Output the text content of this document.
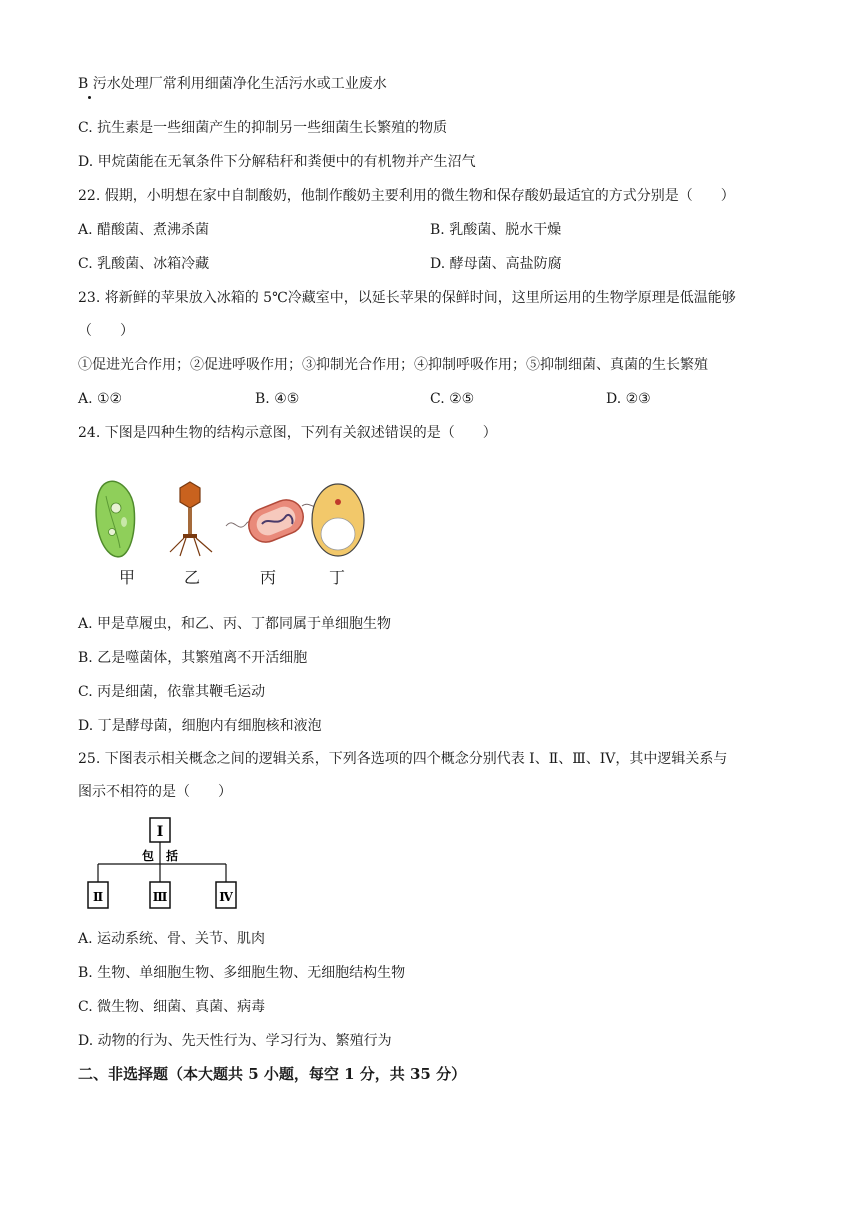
B 污水处理厂常利用细菌净化生活污水或工业废水
C. 抗生素是一些细菌产生的抑制另一些细菌生长繁殖的物质
D. 甲烷菌能在无氧条件下分解秸秆和粪便中的有机物并产生沼气
22. 假期，小明想在家中自制酸奶，他制作酸奶主要利用的微生物和保存酸奶最适宜的方式分别是（　　）
A. 醋酸菌、煮沸杀菌	B. 乳酸菌、脱水干燥
C. 乳酸菌、冰箱冷藏	D. 酵母菌、高盐防腐
23. 将新鲜的苹果放入冰箱的 5℃冷藏室中，以延长苹果的保鲜时间，这里所运用的生物学原理是低温能够
（　　）
①促进光合作用；②促进呼吸作用；③抑制光合作用；④抑制呼吸作用；⑤抑制细菌、真菌的生长繁殖
A. ①②	B. ④⑤	C. ②⑤	D. ②③
24. 下图是四种生物的结构示意图，下列有关叙述错误的是（　　）
甲	乙	丙	丁
A. 甲是草履虫，和乙、丙、丁都同属于单细胞生物
B. 乙是噬菌体，其繁殖离不开活细胞
C. 丙是细菌，依靠其鞭毛运动
D. 丁是酵母菌，细胞内有细胞核和液泡
25. 下图表示相关概念之间的逻辑关系，下列各选项的四个概念分别代表 I、Ⅱ、Ⅲ、IV，其中逻辑关系与
图示不相符的是（　　）
I
包 括
Ⅱ	Ⅲ	Ⅳ
A. 运动系统、骨、关节、肌肉
B. 生物、单细胞生物、多细胞生物、无细胞结构生物
C. 微生物、细菌、真菌、病毒
D. 动物的行为、先天性行为、学习行为、繁殖行为
二、非选择题（本大题共 5 小题，每空 1 分，共 35 分）
